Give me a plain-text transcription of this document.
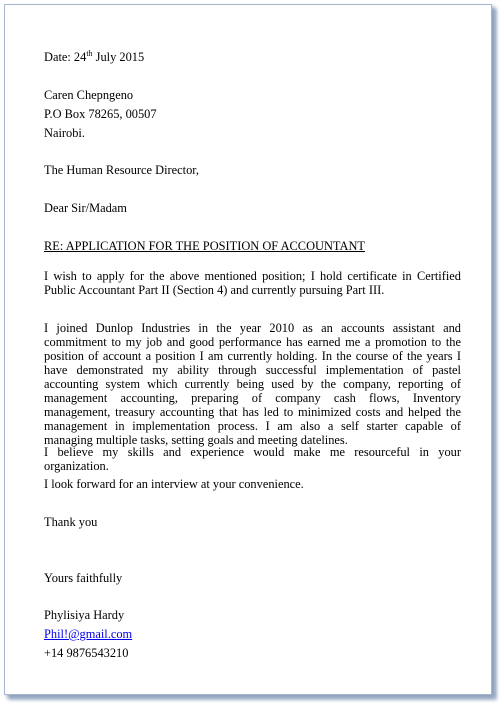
Date: 24th July 2015
Caren Chepngeno
P.O Box 78265, 00507
Nairobi.
The Human Resource Director,
Dear Sir/Madam
RE: APPLICATION FOR THE POSITION OF ACCOUNTANT
I wish to apply for the above mentioned position; I hold certificate in Certified
Public Accountant Part II (Section 4) and currently pursuing Part III.
I joined Dunlop Industries in the year 2010 as an accounts assistant and
commitment to my job and good performance has earned me a promotion to the
position of account a position I am currently holding. In the course of the years I
have demonstrated my ability through successful implementation of pastel
accounting system which currently being used by the company, reporting of
management accounting, preparing of company cash flows, Inventory
management, treasury accounting that has led to minimized costs and helped the
management in implementation process. I am also a self starter capable of
managing multiple tasks, setting goals and meeting datelines.
I believe my skills and experience would make me resourceful in your
organization.
I look forward for an interview at your convenience.
Thank you
Yours faithfully
Phylisiya Hardy
Phil!@gmail.com
+14 9876543210
